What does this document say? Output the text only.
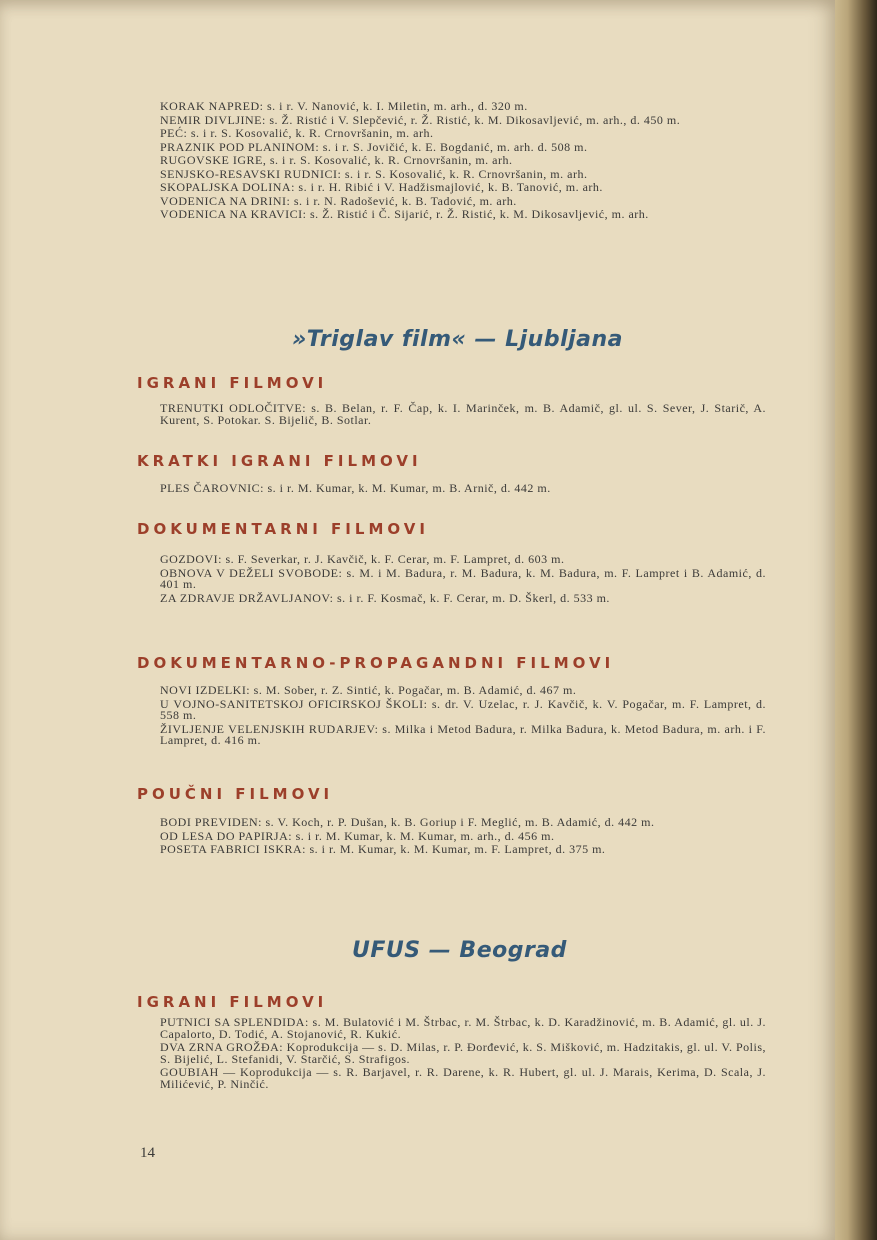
KORAK NAPRED: s. i r. V. Nanović, k. I. Miletin, m. arh., d. 320 m.
NEMIR DIVLJINE: s. Ž. Ristić i V. Slepčević, r. Ž. Ristić, k. M. Dikosavljević, m. arh., d. 450 m.
PEĆ: s. i r. S. Kosovalić, k. R. Crnovršanin, m. arh.
PRAZNIK POD PLANINOM: s. i r. S. Jovičić, k. E. Bogdanić, m. arh. d. 508 m.
RUGOVSKE IGRE, s. i r. S. Kosovalić, k. R. Crnovršanin, m. arh.
SENJSKO-RESAVSKI RUDNICI: s. i r. S. Kosovalić, k. R. Crnovršanin, m. arh.
SKOPALJSKA DOLINA: s. i r. H. Ribić i V. Hadžismajlović, k. B. Tanović, m. arh.
VODENICA NA DRINI: s. i r. N. Radošević, k. B. Tadović, m. arh.
VODENICA NA KRAVICI: s. Ž. Ristić i Č. Sijarić, r. Ž. Ristić, k. M. Dikosavljević, m. arh.
»Triglav film« — Ljubljana
IGRANI FILMOVI
TRENUTKI ODLOČITVE: s. B. Belan, r. F. Čap, k. I. Marinček, m. B. Adamič, gl. ul. S. Sever, J. Starič, A. Kurent, S. Potokar. S. Bijelič, B. Sotlar.
KRATKI IGRANI FILMOVI
PLES ČAROVNIC: s. i r. M. Kumar, k. M. Kumar, m. B. Arnič, d. 442 m.
DOKUMENTARNI FILMOVI
GOZDOVI: s. F. Severkar, r. J. Kavčič, k. F. Cerar, m. F. Lampret, d. 603 m.
OBNOVA V DEŽELI SVOBODE: s. M. i M. Badura, r. M. Badura, k. M. Badura, m. F. Lampret i B. Adamić, d. 401 m.
ZA ZDRAVJE DRŽAVLJANOV: s. i r. F. Kosmač, k. F. Cerar, m. D. Škerl, d. 533 m.
DOKUMENTARNO-PROPAGANDNI FILMOVI
NOVI IZDELKI: s. M. Sober, r. Z. Sintić, k. Pogačar, m. B. Adamić, d. 467 m.
U VOJNO-SANITETSKOJ OFICIRSKOJ ŠKOLI: s. dr. V. Uzelac, r. J. Kavčič, k. V. Pogačar, m. F. Lampret, d. 558 m.
ŽIVLJENJE VELENJSKIH RUDARJEV: s. Milka i Metod Badura, r. Milka Badura, k. Metod Badura, m. arh. i F. Lampret, d. 416 m.
POUČNI FILMOVI
BODI PREVIDEN: s. V. Koch, r. P. Dušan, k. B. Goriup i F. Meglić, m. B. Adamić, d. 442 m.
OD LESA DO PAPIRJA: s. i r. M. Kumar, k. M. Kumar, m. arh., d. 456 m.
POSETA FABRICI ISKRA: s. i r. M. Kumar, k. M. Kumar, m. F. Lampret, d. 375 m.
UFUS — Beograd
IGRANI FILMOVI
PUTNICI SA SPLENDIDA: s. M. Bulatović i M. Štrbac, r. M. Štrbac, k. D. Karadžinović, m. B. Adamić, gl. ul. J. Capalorto, D. Todić, A. Stojanović, R. Kukić.
DVA ZRNA GROŽĐA: Koprodukcija — s. D. Milas, r. P. Đorđević, k. S. Mišković, m. Hadzitakis, gl. ul. V. Polis, S. Bijelić, L. Stefanidi, V. Starčić, S. Strafigos.
GOUBIAH — Koprodukcija — s. R. Barjavel, r. R. Darene, k. R. Hubert, gl. ul. J. Marais, Kerima, D. Scala, J. Milićević, P. Ninčić.
14
